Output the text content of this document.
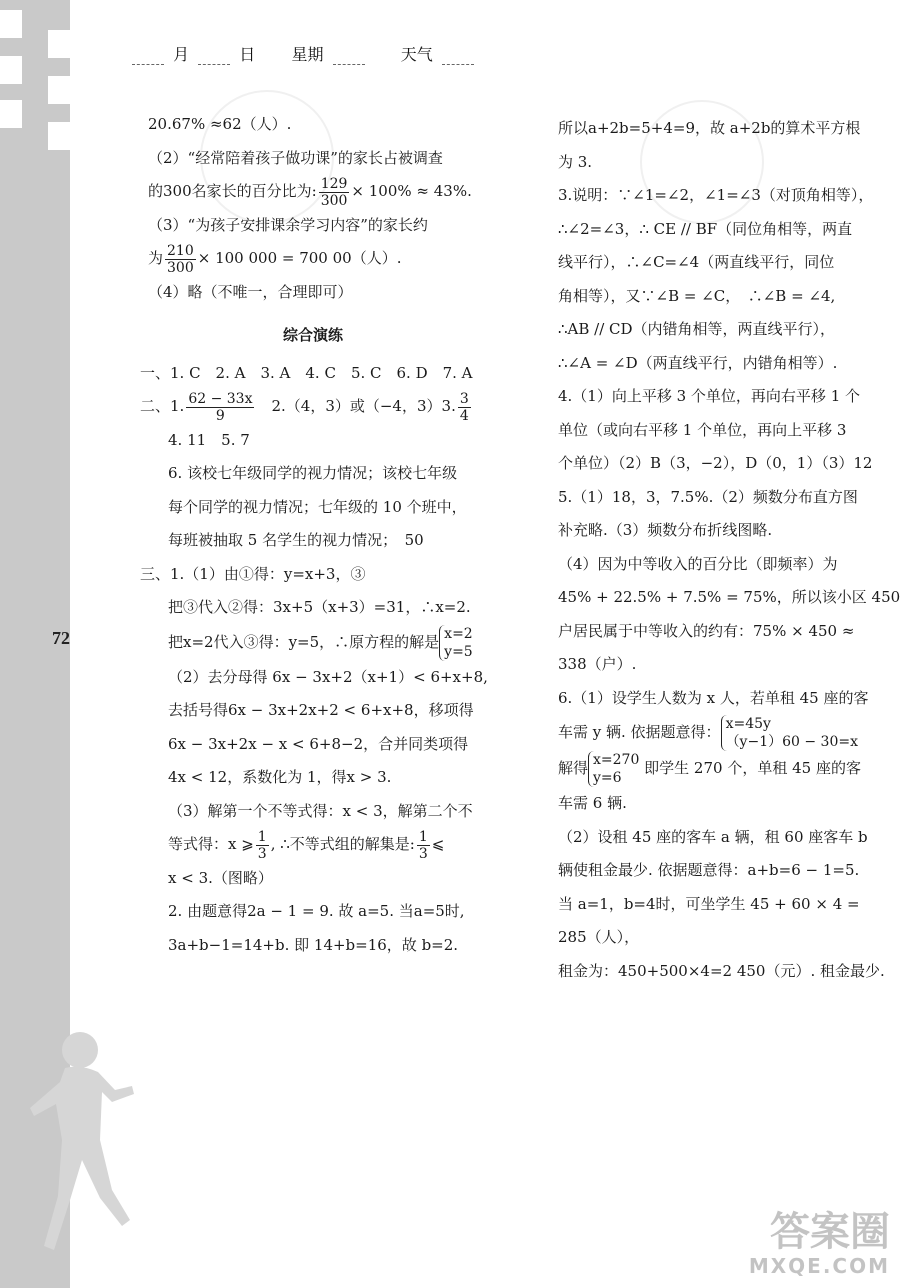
72
月	日 星期	天气

20.67% ≈62（人）.

（2）“经常陪着孩子做功课”的家长占被调查

的300名家长的百分比为: $\frac{129}{300} \times 100\% \approx 43\%$.

（3）“为孩子安排课余学习内容”的家长约

为 $\frac{210}{300} \times 100$ 000 = 700 00（人）.

（4）略（不唯一，合理即可）

综合演练

一、1. C　2. A　3. A　4. C　5. C　6. D　7. A

二、1. $\frac{62 - 33x}{9}$ 　2.（4，3）或（−4，3）3. $\frac{3}{4}$

4. 11　5. 7

6. 该校七年级同学的视力情况；该校七年级

每个同学的视力情况；七年级的 10 个班中，

每班被抽取 5 名学生的视力情况；　50

三、1.（1）由①得：y=x+3，③

把③代入②得：3x+5（x+3）=31，∴x=2.

把x=2代入③得：y=5，∴原方程的解是 x=2
y=5

（2）去分母得 6x − 3x+2（x+1）< 6+x+8,

去括号得6x − 3x+2x+2 < 6+x+8，移项得

6x − 3x+2x − x < 6+8−2，合并同类项得

4x < 12，系数化为 1，得x > 3.

（3）解第一个不等式得：x < 3，解第二个不

等式得：x ⩾ $\frac{1}{3}$ , ∴不等式组的解集是: $\frac{1}{3}$ ⩽

x < 3.（图略）

2. 由题意得2a − 1 = 9. 故 a=5. 当a=5时,

3a+b−1=14+b. 即 14+b=16，故 b=2.

所以a+2b=5+4=9，故 a+2b的算术平方根

为 3.

3.说明：∵∠1=∠2，∠1=∠3（对顶角相等），

∴∠2=∠3，∴ CE // BF（同位角相等，两直

线平行），∴∠C=∠4（两直线平行，同位

角相等），又∵∠B = ∠C，　∴∠B = ∠4,

∴AB // CD（内错角相等，两直线平行），

∴∠A = ∠D（两直线平行，内错角相等）.

4.（1）向上平移 3 个单位，再向右平移 1 个

单位（或向右平移 1 个单位，再向上平移 3

个单位）（2）B（3，−2），D（0，1）（3）12

5.（1）18，3，7.5%.（2）频数分布直方图

补充略.（3）频数分布折线图略.

（4）因为中等收入的百分比（即频率）为

45% + 22.5% + 7.5% = 75%，所以该小区 450

户居民属于中等收入的约有：75% × 450 ≈

338（户）.

6.（1）设学生人数为 x 人，若单租 45 座的客

车需 y 辆. 依据题意得： x=45y
（y−1）60 − 30=x

解得 x=270
y=6
即学生 270 个，单租 45 座的客

车需 6 辆.

（2）设租 45 座的客车 a 辆，租 60 座客车 b

辆使租金最少. 依据题意得：a+b=6 − 1=5.

当 a=1，b=4时，可坐学生 45 + 60 × 4 =

285（人），

租金为：450+500×4=2 450（元）. 租金最少.

答案圈
MXQE.COM
